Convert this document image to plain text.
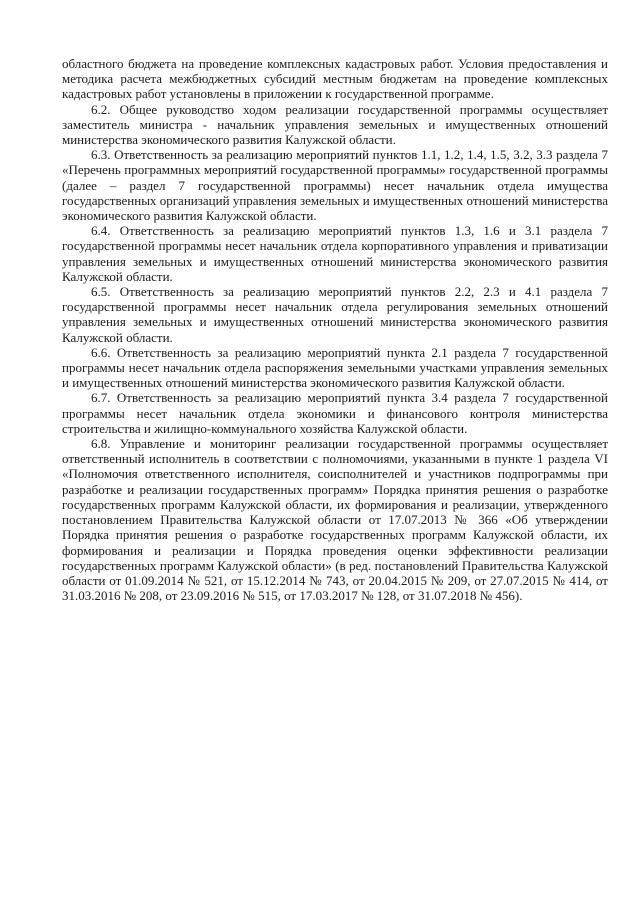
областного бюджета на проведение комплексных кадастровых работ. Условия предоставления и методика расчета межбюджетных субсидий местным бюджетам на проведение комплексных кадастровых работ установлены в приложении к государственной программе.

6.2. Общее руководство ходом реализации государственной программы осуществляет заместитель министра - начальник управления земельных и имущественных отношений министерства экономического развития Калужской области.

6.3. Ответственность за реализацию мероприятий пунктов 1.1, 1.2, 1.4, 1.5, 3.2, 3.3 раздела 7 «Перечень программных мероприятий государственной программы» государственной программы (далее – раздел 7 государственной программы) несет начальник отдела имущества государственных организаций управления земельных и имущественных отношений министерства экономического развития Калужской области.

6.4. Ответственность за реализацию мероприятий пунктов 1.3, 1.6 и 3.1 раздела 7 государственной программы несет начальник отдела корпоративного управления и приватизации управления земельных и имущественных отношений министерства экономического развития Калужской области.

6.5. Ответственность за реализацию мероприятий пунктов 2.2, 2.3 и 4.1 раздела 7 государственной программы несет начальник отдела регулирования земельных отношений управления земельных и имущественных отношений министерства экономического развития Калужской области.

6.6. Ответственность за реализацию мероприятий пункта 2.1 раздела 7 государственной программы несет начальник отдела распоряжения земельными участками управления земельных и имущественных отношений министерства экономического развития Калужской области.

6.7. Ответственность за реализацию мероприятий пункта 3.4 раздела 7 государственной программы несет начальник отдела экономики и финансового контроля министерства строительства и жилищно-коммунального хозяйства Калужской области.

6.8. Управление и мониторинг реализации государственной программы осуществляет ответственный исполнитель в соответствии с полномочиями, указанными в пункте 1 раздела VI «Полномочия ответственного исполнителя, соисполнителей и участников подпрограммы при разработке и реализации государственных программ» Порядка принятия решения о разработке государственных программ Калужской области, их формирования и реализации, утвержденного постановлением Правительства Калужской области от 17.07.2013 № 366 «Об утверждении Порядка принятия решения о разработке государственных программ Калужской области, их формирования и реализации и Порядка проведения оценки эффективности реализации государственных программ Калужской области» (в ред. постановлений Правительства Калужской области от 01.09.2014 № 521, от 15.12.2014 № 743, от 20.04.2015 № 209, от 27.07.2015 № 414, от 31.03.2016 № 208, от 23.09.2016 № 515, от 17.03.2017 № 128, от 31.07.2018 № 456).
